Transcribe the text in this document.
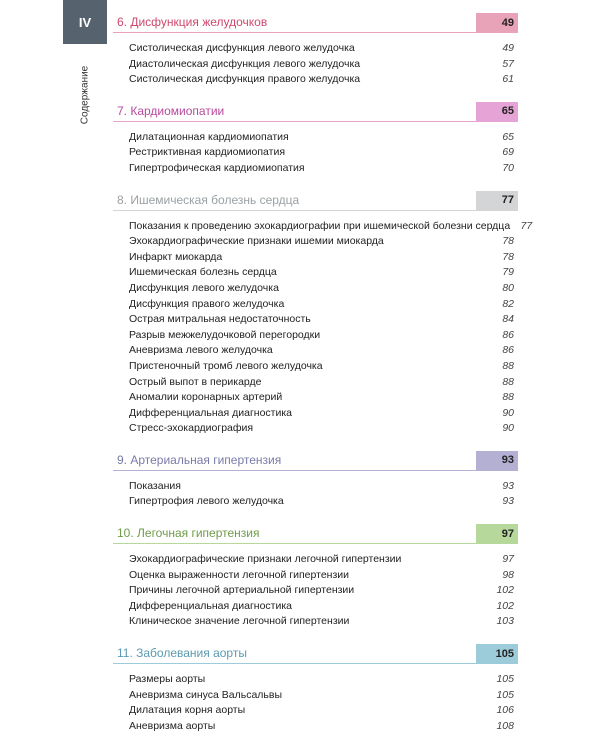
IV
Содержание
6. Дисфункция желудочков	49
Систолическая дисфункция левого желудочка	49
Диастолическая дисфункция левого желудочка	57
Систолическая дисфункция правого желудочка	61
7. Кардиомиопатии	65
Дилатационная кардиомиопатия	65
Рестриктивная кардиомиопатия	69
Гипертрофическая кардиомиопатия	70
8. Ишемическая болезнь сердца	77
Показания к проведению эхокардиографии при ишемической болезни сердца 77
Эхокардиографические признаки ишемии миокарда	78
Инфаркт миокарда	78
Ишемическая болезнь сердца	79
Дисфункция левого желудочка	80
Дисфункция правого желудочка	82
Острая митральная недостаточность	84
Разрыв межжелудочковой перегородки	86
Аневризма левого желудочка	86
Пристеночный тромб левого желудочка	88
Острый выпот в перикарде	88
Аномалии коронарных артерий	88
Дифференциальная диагностика	90
Стресс-эхокардиография	90
9. Артериальная гипертензия	93
Показания	93
Гипертрофия левого желудочка	93
10. Легочная гипертензия	97
Эхокардиографические признаки легочной гипертензии	97
Оценка выраженности легочной гипертензии	98
Причины легочной артериальной гипертензии	102
Дифференциальная диагностика	102
Клиническое значение легочной гипертензии	103
11. Заболевания аорты	105
Размеры аорты	105
Аневризма синуса Вальсальвы	105
Дилатация корня аорты	106
Аневризма аорты	108
